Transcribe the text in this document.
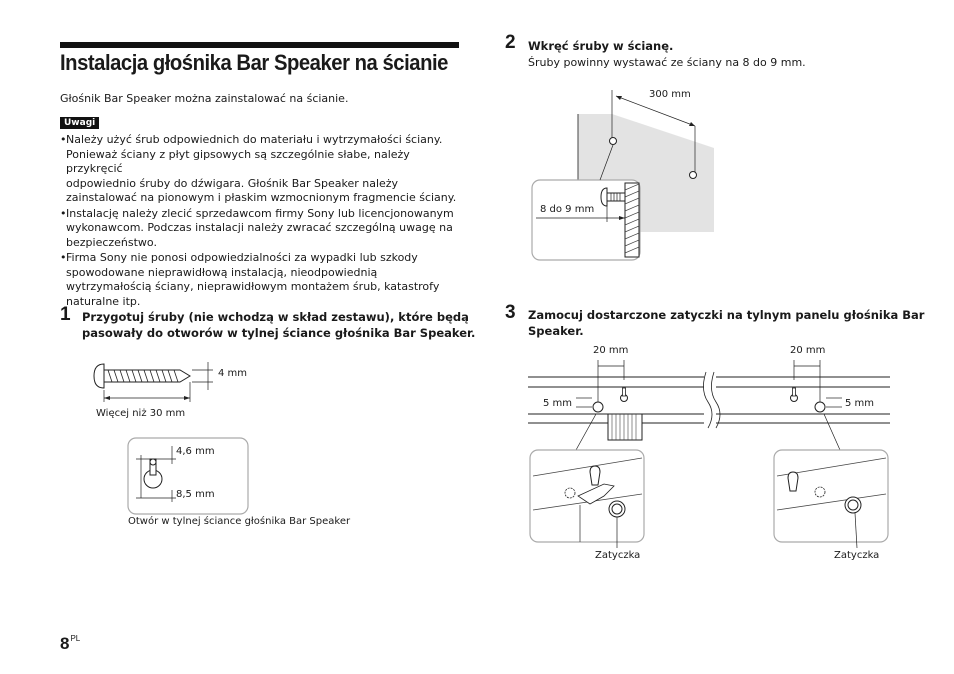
Instalacja głośnika Bar Speaker na ścianie
Głośnik Bar Speaker można zainstalować na ścianie.
Uwagi
• Należy użyć śrub odpowiednich do materiału i wytrzymałości ściany.
Ponieważ ściany z płyt gipsowych są szczególnie słabe, należy przykręcić
odpowiednio śruby do dźwigara. Głośnik Bar Speaker należy
zainstalować na pionowym i płaskim wzmocnionym fragmencie ściany.
• Instalację należy zlecić sprzedawcom firmy Sony lub licencjonowanym
wykonawcom. Podczas instalacji należy zwracać szczególną uwagę na
bezpieczeństwo.
• Firma Sony nie ponosi odpowiedzialności za wypadki lub szkody
spowodowane nieprawidłową instalacją, nieodpowiednią
wytrzymałością ściany, nieprawidłowym montażem śrub, katastrofy
naturalne itp.
1 Przygotuj śruby (nie wchodzą w skład zestawu), które będą
pasowały do otworów w tylnej ściance głośnika Bar Speaker.
4 mm
Więcej niż 30 mm
4,6 mm
8,5 mm
Otwór w tylnej ściance głośnika Bar Speaker
2 Wkręć śruby w ścianę.
Śruby powinny wystawać ze ściany na 8 do 9 mm.
300 mm
8 do 9 mm
3 Zamocuj dostarczone zatyczki na tylnym panelu głośnika Bar
Speaker.
20 mm	20 mm
5 mm	5 mm
Zatyczka	Zatyczka
$8^{PL}$
